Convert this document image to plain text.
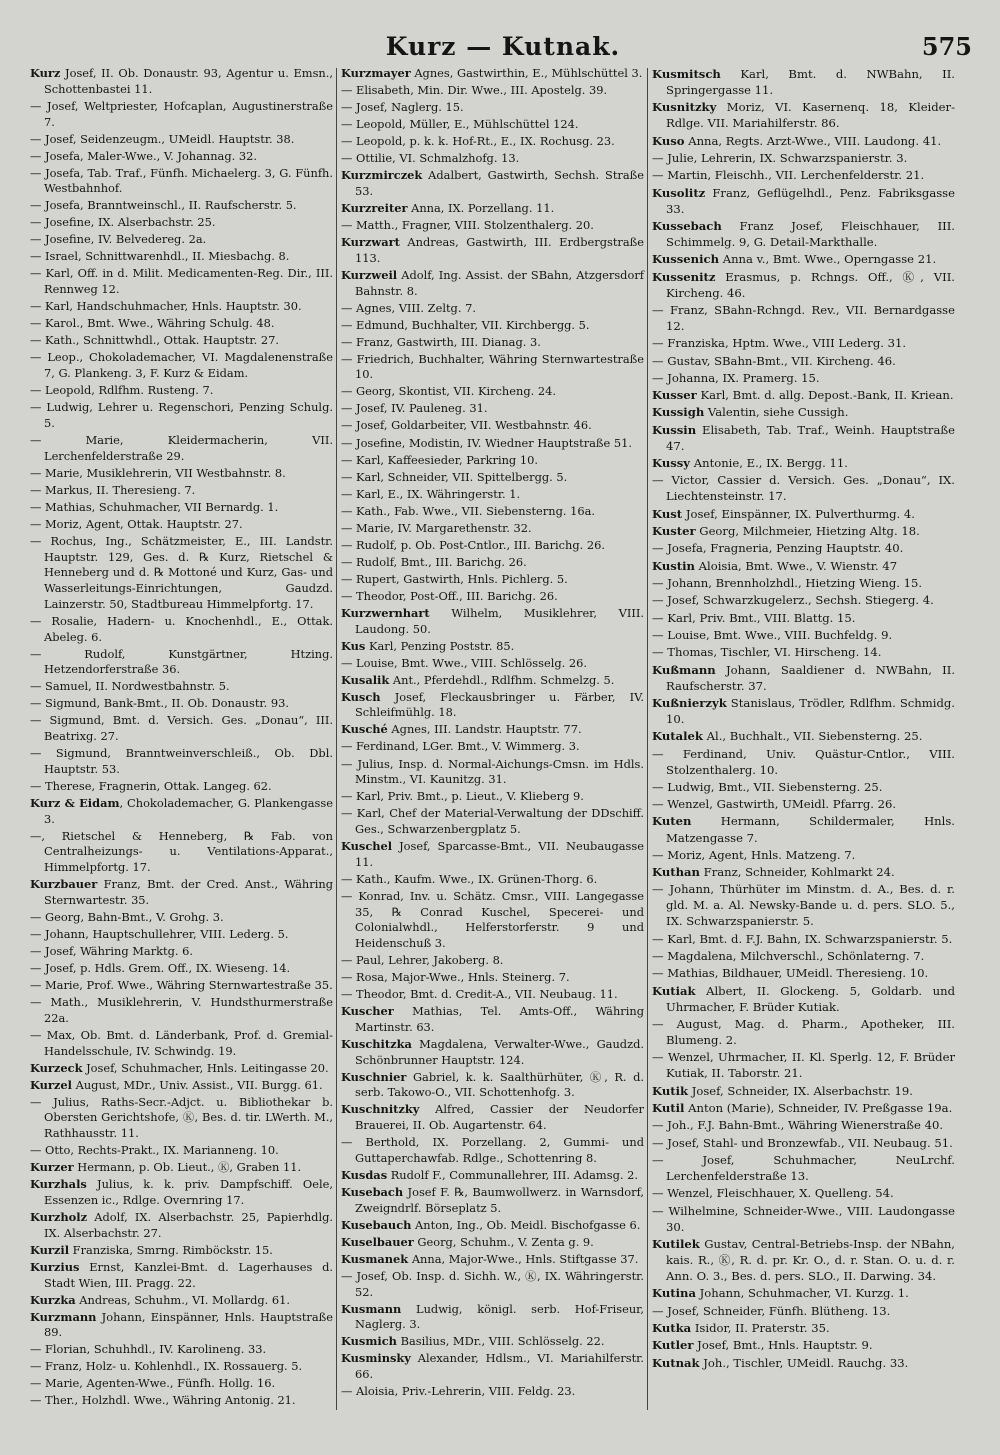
Kurz — Kutnak.	575

Kurz Josef, II. Ob. Donaustr. 93, Agentur u. Emsn., Schottenbastei 11.

— Josef, Weltpriester, Hofcaplan, Augustinerstraße 7.

— Josef, Seidenzeugm., UMeidl. Hauptstr. 38.

— Josefa, Maler-Wwe., V. Johannag. 32.

— Josefa, Tab. Traf., Fünfh. Michaelerg. 3, G. Fünfh. Westbahnhof.

— Josefa, Branntweinschl., II. Raufscherstr. 5.

— Josefine, IX. Alserbachstr. 25.

— Josefine, IV. Belvedereg. 2a.

— Israel, Schnittwarenhdl., II. Miesbachg. 8.

— Karl, Off. in d. Milit. Medicamenten-Reg. Dir., III. Rennweg 12.

— Karl, Handschuhmacher, Hnls. Hauptstr. 30.

— Karol., Bmt. Wwe., Währing Schulg. 48.

— Kath., Schnittwhdl., Ottak. Hauptstr. 27.

— Leop., Chokolademacher, VI. Magdalenenstraße 7, G. Plankeng. 3, F. Kurz & Eidam.

— Leopold, Rdlfhm. Rusteng. 7.

— Ludwig, Lehrer u. Regenschori, Penzing Schulg. 5.

— Marie, Kleidermacherin, VII. Lerchenfelderstraße 29.

— Marie, Musiklehrerin, VII Westbahnstr. 8.

— Markus, II. Theresieng. 7.

— Mathias, Schuhmacher, VII Bernardg. 1.

— Moriz, Agent, Ottak. Hauptstr. 27.

— Rochus, Ing., Schätzmeister, E., III. Landstr. Hauptstr. 129, Ges. d. ℞ Kurz, Rietschel & Henneberg und d. ℞ Mottoné und Kurz, Gas- und Wasserleitungs-Einrichtungen, Gaudzd. Lainzerstr. 50, Stadtbureau Himmelpfortg. 17.

— Rosalie, Hadern- u. Knochenhdl., E., Ottak. Abeleg. 6.

— Rudolf, Kunstgärtner, Htzing. Hetzendorferstraße 36.

— Samuel, II. Nordwestbahnstr. 5.

— Sigmund, Bank-Bmt., II. Ob. Donaustr. 93.

— Sigmund, Bmt. d. Versich. Ges. „Donau“, III. Beatrixg. 27.

— Sigmund, Branntweinverschleiß., Ob. Dbl. Hauptstr. 53.

— Therese, Fragnerin, Ottak. Langeg. 62.

Kurz & Eidam, Chokolademacher, G. Plankengasse 3.

—, Rietschel & Henneberg, ℞ Fab. von Centralheizungs- u. Ventilations-Apparat., Himmelpfortg. 17.

Kurzbauer Franz, Bmt. der Cred. Anst., Währing Sternwartestr. 35.

— Georg, Bahn-Bmt., V. Grohg. 3.

— Johann, Hauptschullehrer, VIII. Lederg. 5.

— Josef, Währing Marktg. 6.

— Josef, p. Hdls. Grem. Off., IX. Wieseng. 14.

— Marie, Prof. Wwe., Währing Sternwartestraße 35.

— Math., Musiklehrerin, V. Hundsthurmerstraße 22a.

— Max, Ob. Bmt. d. Länderbank, Prof. d. Gremial-Handelsschule, IV. Schwindg. 19.

Kurzeck Josef, Schuhmacher, Hnls. Leitingasse 20.

Kurzel August, MDr., Univ. Assist., VII. Burgg. 61.

— Julius, Raths-Secr.-Adjct. u. Bibliothekar b. Obersten Gerichtshofe, Ⓚ, Bes. d. tir. LWerth. M., Rathhausstr. 11.

— Otto, Rechts-Prakt., IX. Marianneng. 10.

Kurzer Hermann, p. Ob. Lieut., Ⓚ, Graben 11.

Kurzhals Julius, k. k. priv. Dampfschiff. Oele, Essenzen ic., Rdlge. Overnring 17.

Kurzholz Adolf, IX. Alserbachstr. 25, Papierhdlg. IX. Alserbachstr. 27.

Kurzil Franziska, Smrng. Rimböckstr. 15.

Kurzius Ernst, Kanzlei-Bmt. d. Lagerhauses d. Stadt Wien, III. Pragg. 22.

Kurzka Andreas, Schuhm., VI. Mollardg. 61.

Kurzmann Johann, Einspänner, Hnls. Hauptstraße 89.

— Florian, Schuhhdl., IV. Karolineng. 33.

— Franz, Holz- u. Kohlenhdl., IX. Rossauerg. 5.

— Marie, Agenten-Wwe., Fünfh. Hollg. 16.

— Ther., Holzhdl. Wwe., Währing Antonig. 21.

Kurzmayer Agnes, Gastwirthin, E., Mühlschüttel 3.

— Elisabeth, Min. Dir. Wwe., III. Apostelg. 39.

— Josef, Naglerg. 15.

— Leopold, Müller, E., Mühlschüttel 124.

— Leopold, p. k. k. Hof-Rt., E., IX. Rochusg. 23.

— Ottilie, VI. Schmalzhofg. 13.

Kurzmirczek Adalbert, Gastwirth, Sechsh. Straße 53.

Kurzreiter Anna, IX. Porzellang. 11.

— Matth., Fragner, VIII. Stolzenthalerg. 20.

Kurzwart Andreas, Gastwirth, III. Erdbergstraße 113.

Kurzweil Adolf, Ing. Assist. der SBahn, Atzgersdorf Bahnstr. 8.

— Agnes, VIII. Zeltg. 7.

— Edmund, Buchhalter, VII. Kirchbergg. 5.

— Franz, Gastwirth, III. Dianag. 3.

— Friedrich, Buchhalter, Währing Sternwartestraße 10.

— Georg, Skontist, VII. Kircheng. 24.

— Josef, IV. Pauleneg. 31.

— Josef, Goldarbeiter, VII. Westbahnstr. 46.

— Josefine, Modistin, IV. Wiedner Hauptstraße 51.

— Karl, Kaffeesieder, Parkring 10.

— Karl, Schneider, VII. Spittelbergg. 5.

— Karl, E., IX. Währingerstr. 1.

— Kath., Fab. Wwe., VII. Siebensterng. 16a.

— Marie, IV. Margarethenstr. 32.

— Rudolf, p. Ob. Post-Cntlor., III. Barichg. 26.

— Rudolf, Bmt., III. Barichg. 26.

— Rupert, Gastwirth, Hnls. Pichlerg. 5.

— Theodor, Post-Off., III. Barichg. 26.

Kurzwernhart Wilhelm, Musiklehrer, VIII. Laudong. 50.

Kus Karl, Penzing Poststr. 85.

— Louise, Bmt. Wwe., VIII. Schlösselg. 26.

Kusalik Ant., Pferdehdl., Rdlfhm. Schmelzg. 5.

Kusch Josef, Fleckausbringer u. Färber, IV. Schleifmühlg. 18.

Kusché Agnes, III. Landstr. Hauptstr. 77.

— Ferdinand, LGer. Bmt., V. Wimmerg. 3.

— Julius, Insp. d. Normal-Aichungs-Cmsn. im Hdls. Minstm., VI. Kaunitzg. 31.

— Karl, Priv. Bmt., p. Lieut., V. Klieberg 9.

— Karl, Chef der Material-Verwaltung der DDschiff. Ges., Schwarzenbergplatz 5.

Kuschel Josef, Sparcasse-Bmt., VII. Neubaugasse 11.

— Kath., Kaufm. Wwe., IX. Grünen-Thorg. 6.

— Konrad, Inv. u. Schätz. Cmsr., VIII. Langegasse 35, ℞ Conrad Kuschel, Specerei- und Colonialwhdl., Helferstorferstr. 9 und Heidenschuß 3.

— Paul, Lehrer, Jakoberg. 8.

— Rosa, Major-Wwe., Hnls. Steinerg. 7.

— Theodor, Bmt. d. Credit-A., VII. Neubaug. 11.

Kuscher Mathias, Tel. Amts-Off., Währing Martinstr. 63.

Kuschitzka Magdalena, Verwalter-Wwe., Gaudzd. Schönbrunner Hauptstr. 124.

Kuschnier Gabriel, k. k. Saalthürhüter, Ⓚ, R. d. serb. Takowo-O., VII. Schottenhofg. 3.

Kuschnitzky Alfred, Cassier der Neudorfer Brauerei, II. Ob. Augartenstr. 64.

— Berthold, IX. Porzellang. 2, Gummi- und Guttaperchawfab. Rdlge., Schottenring 8.

Kusdas Rudolf F., Communallehrer, III. Adamsg. 2.

Kusebach Josef F. ℞, Baumwollwerz. in Warnsdorf, Zweigndrlf. Börseplatz 5.

Kusebauch Anton, Ing., Ob. Meidl. Bischofgasse 6.

Kuselbauer Georg, Schuhm., V. Zenta g. 9.

Kusmanek Anna, Major-Wwe., Hnls. Stiftgasse 37.

— Josef, Ob. Insp. d. Sichh. W., Ⓚ, IX. Währingerstr. 52.

Kusmann Ludwig, königl. serb. Hof-Friseur, Naglerg. 3.

Kusmich Basilius, MDr., VIII. Schlösselg. 22.

Kusminsky Alexander, Hdlsm., VI. Mariahilferstr. 66.

— Aloisia, Priv.-Lehrerin, VIII. Feldg. 23.

Kusmitsch Karl, Bmt. d. NWBahn, II. Springergasse 11.

Kusnitzky Moriz, VI. Kasernenq. 18, Kleider-Rdlge. VII. Mariahilferstr. 86.

Kuso Anna, Regts. Arzt-Wwe., VIII. Laudong. 41.

— Julie, Lehrerin, IX. Schwarzspanierstr. 3.

— Martin, Fleischh., VII. Lerchenfelderstr. 21.

Kusolitz Franz, Geflügelhdl., Penz. Fabriksgasse 33.

Kussebach Franz Josef, Fleischhauer, III. Schimmelg. 9, G. Detail-Markthalle.

Kussenich Anna v., Bmt. Wwe., Operngasse 21.

Kussenitz Erasmus, p. Rchngs. Off., Ⓚ, VII. Kircheng. 46.

— Franz, SBahn-Rchngd. Rev., VII. Bernardgasse 12.

— Franziska, Hptm. Wwe., VIII Lederg. 31.

— Gustav, SBahn-Bmt., VII. Kircheng. 46.

— Johanna, IX. Pramerg. 15.

Kusser Karl, Bmt. d. allg. Depost.-Bank, II. Kriean.

Kussigh Valentin, siehe Cussigh.

Kussin Elisabeth, Tab. Traf., Weinh. Hauptstraße 47.

Kussy Antonie, E., IX. Bergg. 11.

— Victor, Cassier d. Versich. Ges. „Donau“, IX. Liechtensteinstr. 17.

Kust Josef, Einspänner, IX. Pulverthurmg. 4.

Kuster Georg, Milchmeier, Hietzing Altg. 18.

— Josefa, Fragneria, Penzing Hauptstr. 40.

Kustin Aloisia, Bmt. Wwe., V. Wienstr. 47

— Johann, Brennholzhdl., Hietzing Wieng. 15.

— Josef, Schwarzkugelerz., Sechsh. Stiegerg. 4.

— Karl, Priv. Bmt., VIII. Blattg. 15.

— Louise, Bmt. Wwe., VIII. Buchfeldg. 9.

— Thomas, Tischler, VI. Hirscheng. 14.

Kußmann Johann, Saaldiener d. NWBahn, II. Raufscherstr. 37.

Kußnierzyk Stanislaus, Trödler, Rdlfhm. Schmidg. 10.

Kutalek Al., Buchhalt., VII. Siebensterng. 25.

— Ferdinand, Univ. Quästur-Cntlor., VIII. Stolzenthalerg. 10.

— Ludwig, Bmt., VII. Siebensterng. 25.

— Wenzel, Gastwirth, UMeidl. Pfarrg. 26.

Kuten Hermann, Schildermaler, Hnls. Matzengasse 7.

— Moriz, Agent, Hnls. Matzeng. 7.

Kuthan Franz, Schneider, Kohlmarkt 24.

— Johann, Thürhüter im Minstm. d. A., Bes. d. r. gld. M. a. Al. Newsky-Bande u. d. pers. SLO. 5., IX. Schwarzspanierstr. 5.

— Karl, Bmt. d. F.J. Bahn, IX. Schwarzspanierstr. 5.

— Magdalena, Milchverschl., Schönlaterng. 7.

— Mathias, Bildhauer, UMeidl. Theresieng. 10.

Kutiak Albert, II. Glockeng. 5, Goldarb. und Uhrmacher, F. Brüder Kutiak.

— August, Mag. d. Pharm., Apotheker, III. Blumeng. 2.

— Wenzel, Uhrmacher, II. Kl. Sperlg. 12, F. Brüder Kutiak, II. Taborstr. 21.

Kutik Josef, Schneider, IX. Alserbachstr. 19.

Kutil Anton (Marie), Schneider, IV. Preßgasse 19a.

— Joh., F.J. Bahn-Bmt., Währing Wienerstraße 40.

— Josef, Stahl- und Bronzewfab., VII. Neubaug. 51.

— Josef, Schuhmacher, NeuLrchf. Lerchenfelderstraße 13.

— Wenzel, Fleischhauer, X. Quelleng. 54.

— Wilhelmine, Schneider-Wwe., VIII. Laudongasse 30.

Kutilek Gustav, Central-Betriebs-Insp. der NBahn, kais. R., Ⓚ, R. d. pr. Kr. O., d. r. Stan. O. u. d. r. Ann. O. 3., Bes. d. pers. SLO., II. Darwing. 34.

Kutina Johann, Schuhmacher, VI. Kurzg. 1.

— Josef, Schneider, Fünfh. Blütheng. 13.

Kutka Isidor, II. Praterstr. 35.

Kutler Josef, Bmt., Hnls. Hauptstr. 9.

Kutnak Joh., Tischler, UMeidl. Rauchg. 33.
